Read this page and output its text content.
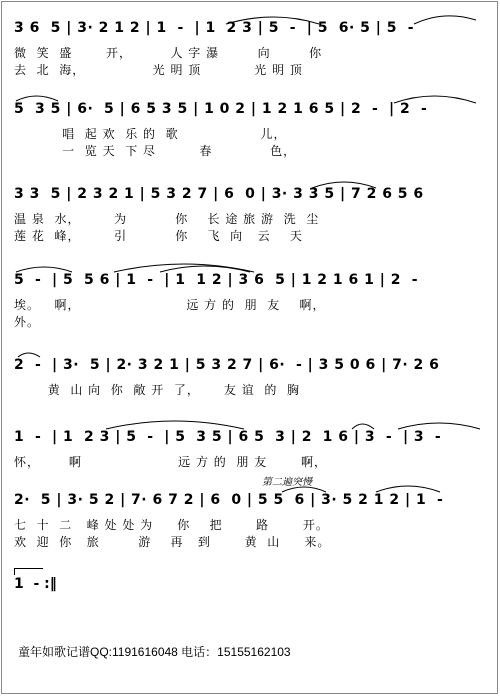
3 6  5 | 3· 2 1 2 | 1  -  | 1  2 3 | 5  -  | 5  6· 5 | 5  -
微  笑  盛       开，        人 字 瀑        向        你
去  北  海，              光 明 顶           光 明 顶
5  3 5 | 6·  5 | 6 5 3 5 | 1 0 2 | 1 2 1 6 5 | 2  -  | 2  -
唱  起 欢  乐 的  歌                 儿，
一  览 天  下 尽         春            色，
3 3  5 | 2 3 2 1 | 5 3 2 7 | 6  0 | 3· 3 3 5 | 7 2 6 5 6
温 泉  水，       为          你    长 途 旅 游  洗  尘
莲 花  峰，       引          你    飞  向   云    天
5  -  | 5  5 6 | 1  -  | 1  1 2 | 3 6  5 | 1 2 1 6 1 | 2  -
埃。   啊，                      远 方 的  朋  友    啊，
外。
2  -  | 3·  5 | 2· 3 2 1 | 5 3 2 7 | 6·  - | 3 5 0 6 | 7· 2 6
黄  山 向  你  敞 开  了，     友 谊  的  胸
1  -  | 1  2 3 | 5  -  | 5  3 5 | 6 5  3 | 2  1 6 | 3  -  | 3  -
怀，      啊                    远 方 的  朋 友       啊，
第二遍突慢
2·  5 | 3· 5 2 | 7· 6 7 2 | 6  0 | 5 5  6 | 3· 5 2 1 2 | 1  -
七  十  二   峰 处 处 为     你    把       路       开。
欢  迎  你   旅        游    再   到       黄  山     来。
1  - :‖
童年如歌记谱QQ:1191616048 电话：15155162103
